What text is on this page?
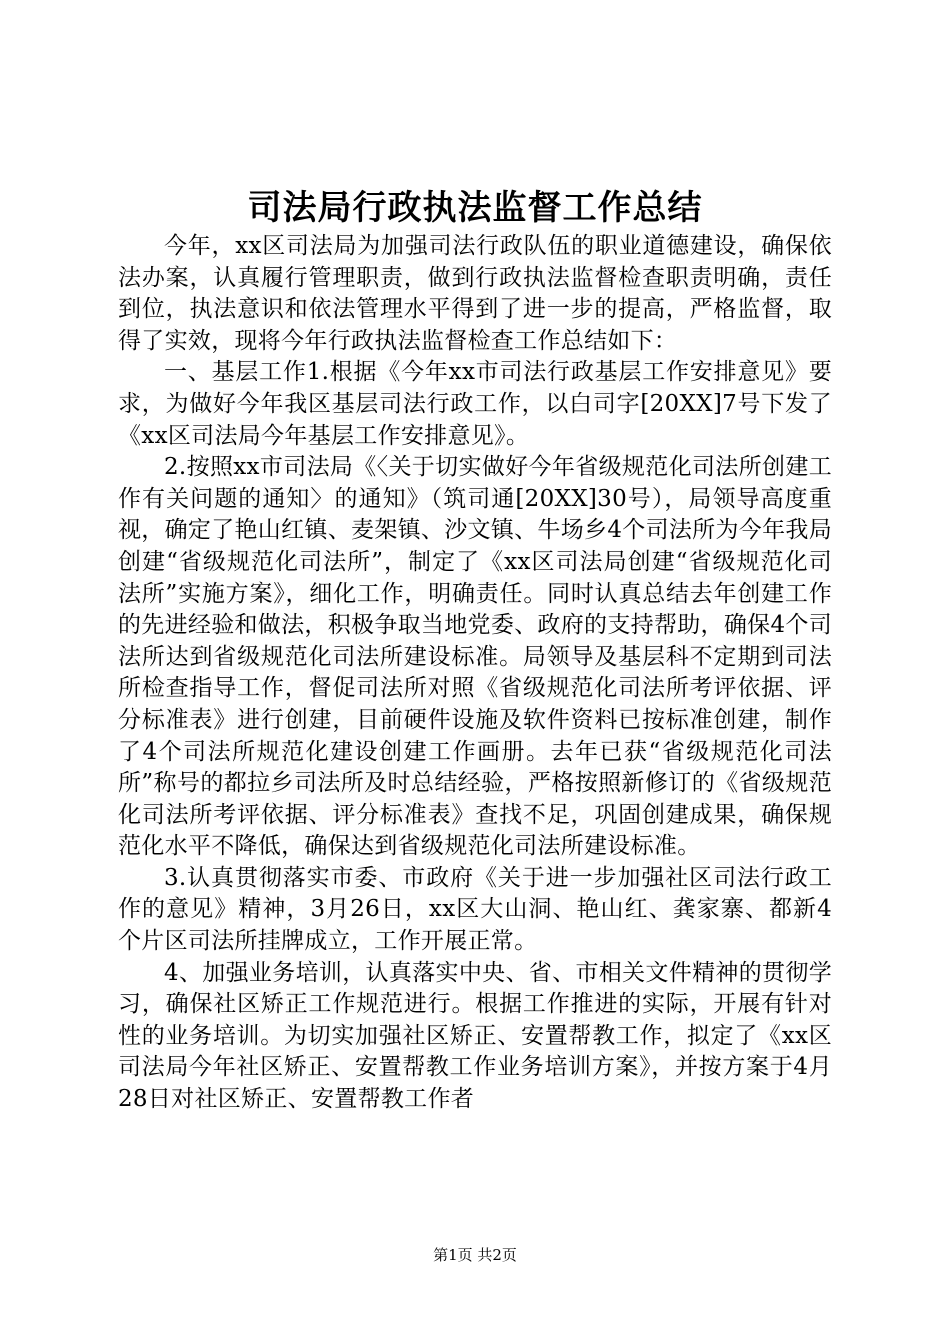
司法局行政执法监督工作总结

今年，xx区司法局为加强司法行政队伍的职业道德建设，确保依法办案，认真履行管理职责，做到行政执法监督检查职责明确，责任到位，执法意识和依法管理水平得到了进一步的提高，严格监督，取得了实效，现将今年行政执法监督检查工作总结如下：

一、基层工作1.根据《今年xx市司法行政基层工作安排意见》要求，为做好今年我区基层司法行政工作，以白司字[20XX]7号下发了《xx区司法局今年基层工作安排意见》。

2.按照xx市司法局《〈关于切实做好今年省级规范化司法所创建工作有关问题的通知〉的通知》（筑司通[20XX]30号），局领导高度重视，确定了艳山红镇、麦架镇、沙文镇、牛场乡4个司法所为今年我局创建“省级规范化司法所”，制定了《xx区司法局创建“省级规范化司法所”实施方案》，细化工作，明确责任。同时认真总结去年创建工作的先进经验和做法，积极争取当地党委、政府的支持帮助，确保4个司法所达到省级规范化司法所建设标准。局领导及基层科不定期到司法所检查指导工作，督促司法所对照《省级规范化司法所考评依据、评分标准表》进行创建，目前硬件设施及软件资料已按标准创建，制作了4个司法所规范化建设创建工作画册。去年已获“省级规范化司法所”称号的都拉乡司法所及时总结经验，严格按照新修订的《省级规范化司法所考评依据、评分标准表》查找不足，巩固创建成果，确保规范化水平不降低，确保达到省级规范化司法所建设标准。

3.认真贯彻落实市委、市政府《关于进一步加强社区司法行政工作的意见》精神，3月26日，xx区大山洞、艳山红、龚家寨、都新4个片区司法所挂牌成立，工作开展正常。

4、加强业务培训，认真落实中央、省、市相关文件精神的贯彻学习，确保社区矫正工作规范进行。根据工作推进的实际，开展有针对性的业务培训。为切实加强社区矫正、安置帮教工作，拟定了《xx区司法局今年社区矫正、安置帮教工作业务培训方案》，并按方案于4月28日对社区矫正、安置帮教工作者

第1页 共2页
